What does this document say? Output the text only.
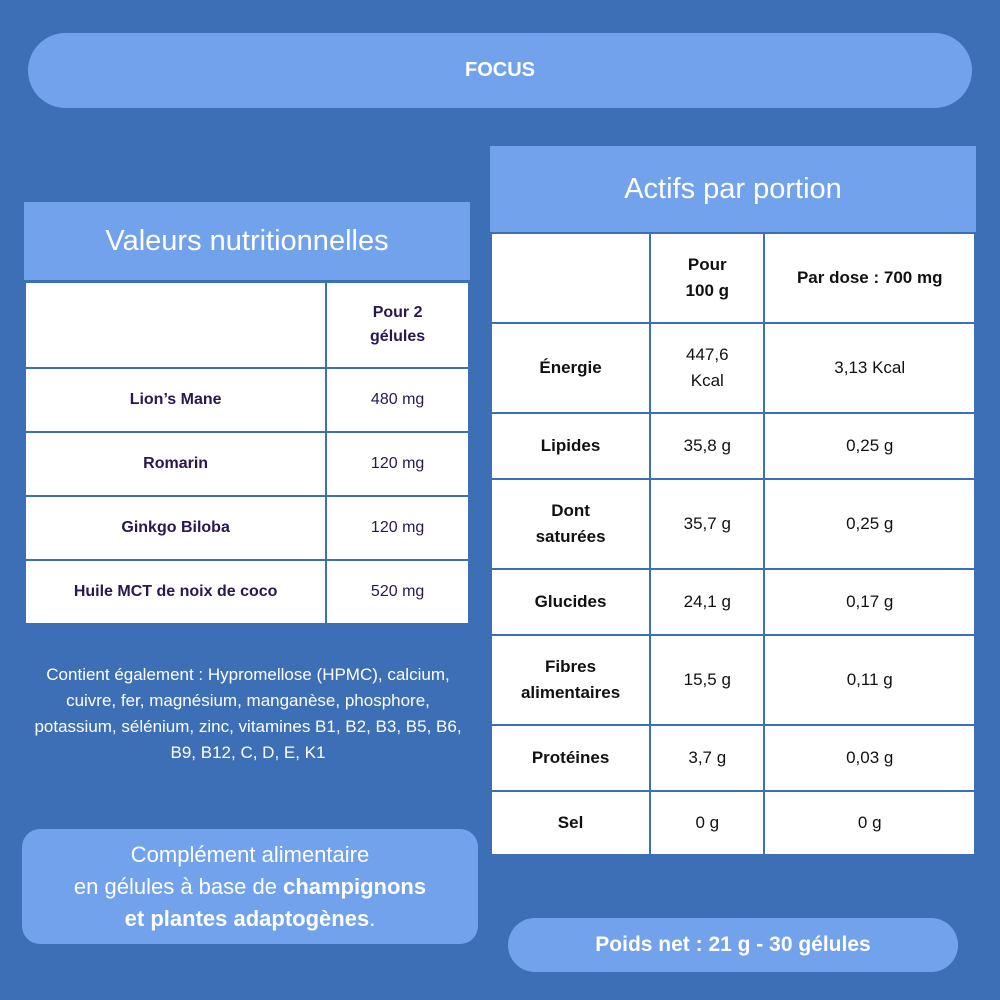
FOCUS
Valeurs nutritionnelles

	Pour 2 gélules

Lion’s Mane	480 mg
Romarin	120 mg
Ginkgo Biloba	120 mg
Huile MCT de noix de coco	520 mg
Contient également : Hypromellose (HPMC), calcium, cuivre, fer, magnésium, manganèse, phosphore, potassium, sélénium, zinc, vitamines B1, B2, B3, B5, B6, B9, B12, C, D, E, K1
Complément alimentaire
en gélules à base de champignons
et plantes adaptogènes.
Actifs par portion

	Pour 100 g	Par dose : 700 mg
Énergie	447,6 Kcal	3,13 Kcal
Lipides	35,8 g	0,25 g

Dont saturées	35,7 g	0,25 g
Glucides	24,1 g	0,17 g

Fibres alimentaires	15,5 g	0,11 g
Protéines	3,7 g	0,03 g
Sel	0 g	0 g
Poids net : 21 g - 30 gélules
